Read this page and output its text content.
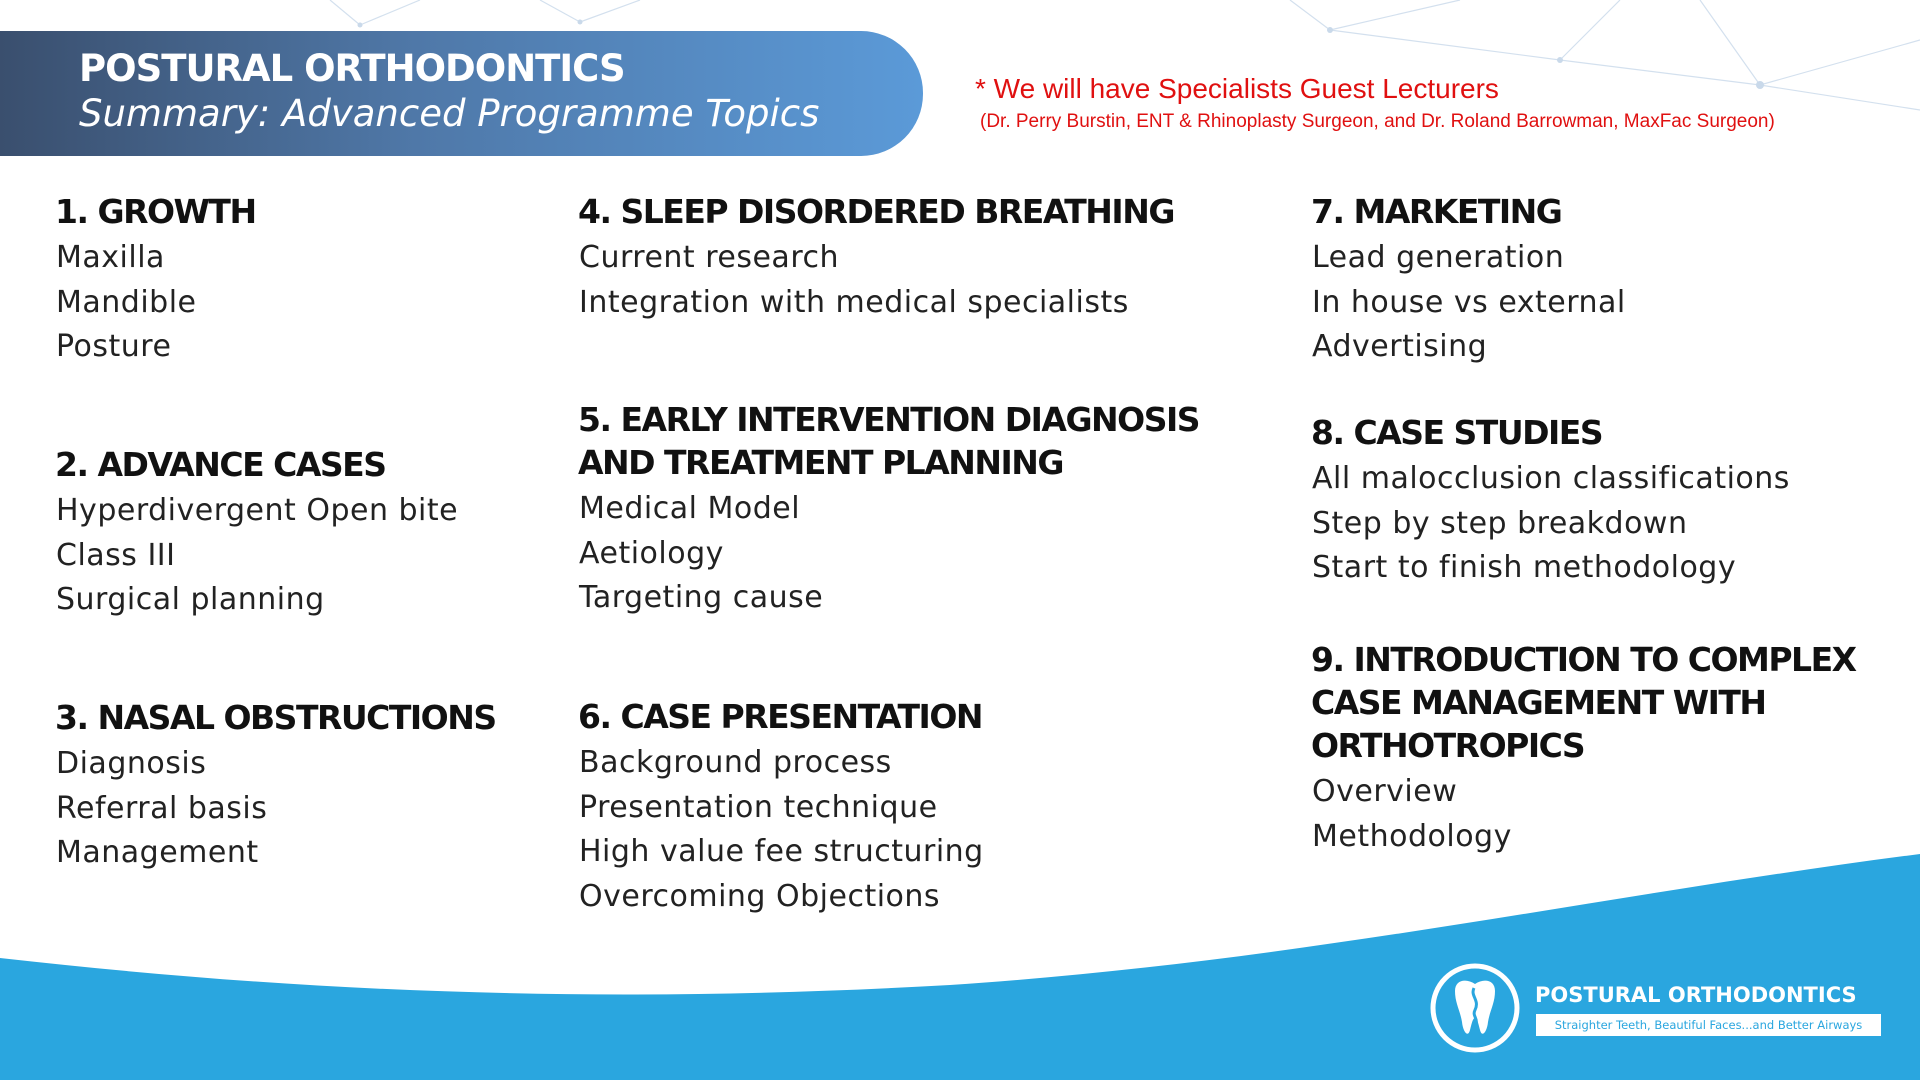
POSTURAL ORTHODONTICS
Summary: Advanced Programme Topics
* We will have Specialists Guest Lecturers
(Dr. Perry Burstin, ENT & Rhinoplasty Surgeon, and Dr. Roland Barrowman, MaxFac Surgeon)
1. GROWTH
Maxilla
Mandible
Posture
2. ADVANCE CASES
Hyperdivergent Open bite
Class III
Surgical planning
3. NASAL OBSTRUCTIONS
Diagnosis
Referral basis
Management
4. SLEEP DISORDERED BREATHING
Current research
Integration with medical specialists
5. EARLY INTERVENTION DIAGNOSIS
AND TREATMENT PLANNING
Medical Model
Aetiology
Targeting cause
6. CASE PRESENTATION
Background process
Presentation technique
High value fee structuring
Overcoming Objections
7. MARKETING
Lead generation
In house vs external
Advertising
8. CASE STUDIES
All malocclusion classifications
Step by step breakdown
Start to finish methodology
9. INTRODUCTION TO COMPLEX
CASE MANAGEMENT WITH
ORTHOTROPICS
Overview
Methodology
POSTURAL ORTHODONTICS
Straighter Teeth, Beautiful Faces...and Better Airways
